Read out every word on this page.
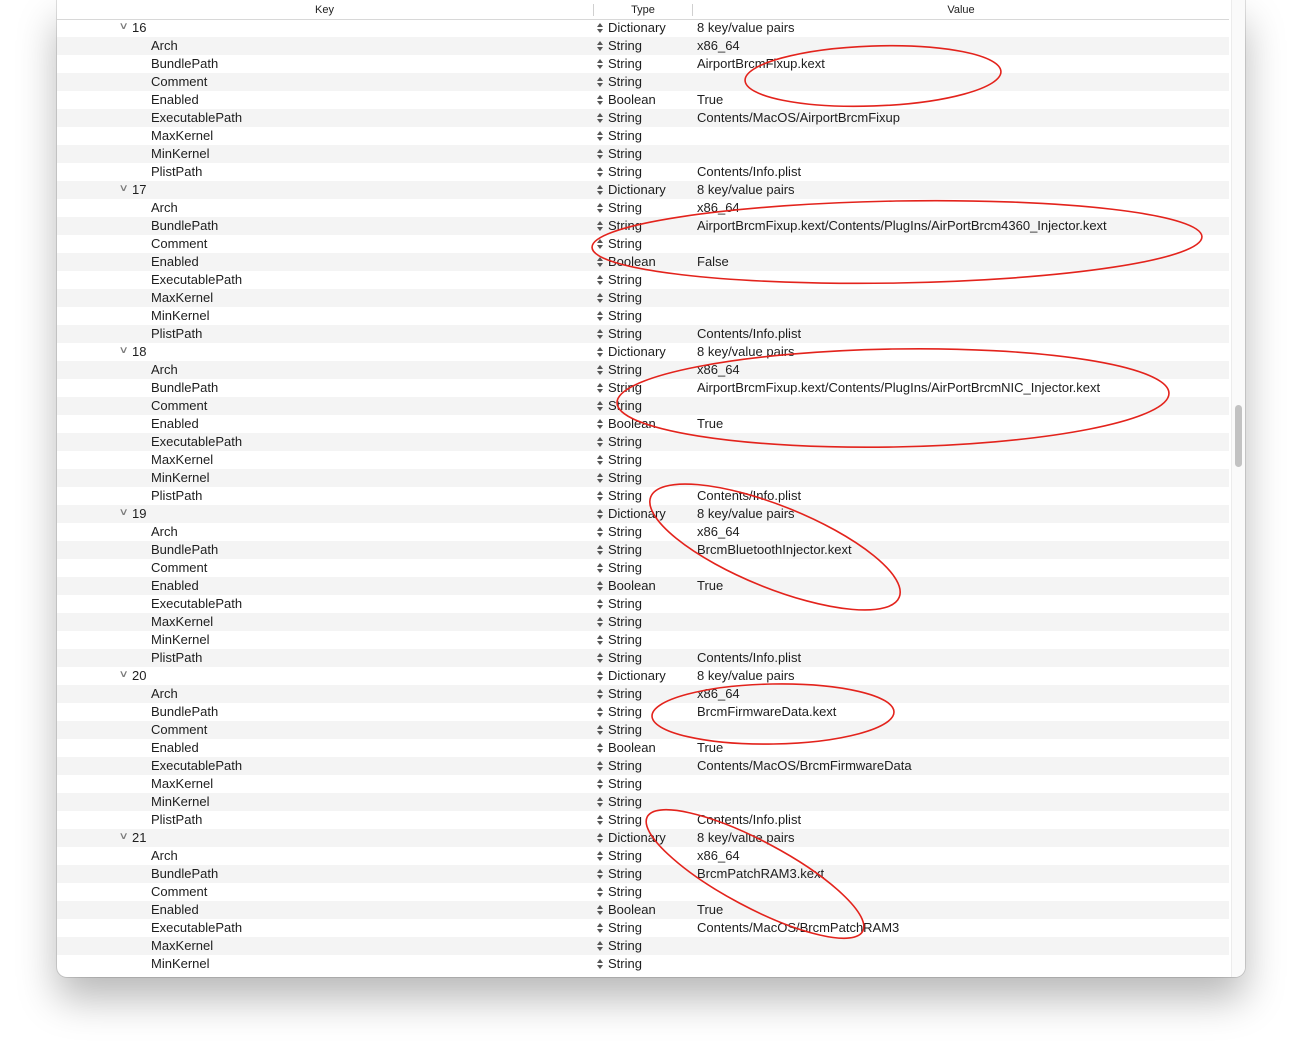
Key	Type	Value
∨ 16	Dictionary 8 key/value pairs
Arch	String	x86_64
BundlePath	String	AirportBrcmFixup.kext
Comment	String
Enabled	Boolean	True
ExecutablePath	String	Contents/MacOS/AirportBrcmFixup
MaxKernel	String
MinKernel	String
PlistPath	String	Contents/Info.plist
∨ 17	Dictionary 8 key/value pairs
Arch	String	x86_64
BundlePath	String	AirportBrcmFixup.kext/Contents/PlugIns/AirPortBrcm4360_Injector.kext
Comment	String
Enabled	Boolean	False
ExecutablePath	String
MaxKernel	String
MinKernel	String
PlistPath	String	Contents/Info.plist
∨ 18	Dictionary 8 key/value pairs
Arch	String	x86_64
BundlePath	String	AirportBrcmFixup.kext/Contents/PlugIns/AirPortBrcmNIC_Injector.kext
Comment	String
Enabled	Boolean	True
ExecutablePath	String
MaxKernel	String
MinKernel	String
PlistPath	String	Contents/Info.plist
∨ 19	Dictionary 8 key/value pairs
Arch	String	x86_64
BundlePath	String	BrcmBluetoothInjector.kext
Comment	String
Enabled	Boolean	True
ExecutablePath	String
MaxKernel	String
MinKernel	String
PlistPath	String	Contents/Info.plist
∨ 20	Dictionary 8 key/value pairs
Arch	String	x86_64
BundlePath	String	BrcmFirmwareData.kext
Comment	String
Enabled	Boolean	True
ExecutablePath	String	Contents/MacOS/BrcmFirmwareData
MaxKernel	String
MinKernel	String
PlistPath	String	Contents/Info.plist
∨ 21	Dictionary 8 key/value pairs
Arch	String	x86_64
BundlePath	String	BrcmPatchRAM3.kext
Comment	String
Enabled	Boolean	True
ExecutablePath	String	Contents/MacOS/BrcmPatchRAM3
MaxKernel	String
MinKernel	String
